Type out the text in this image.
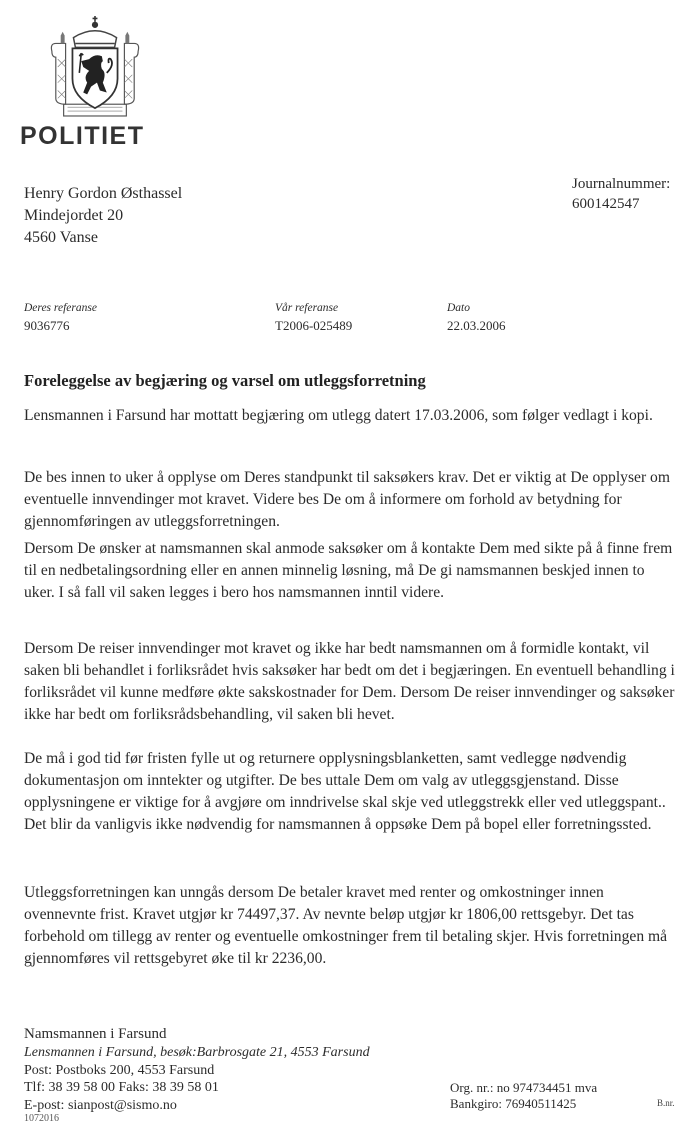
POLITIET
Henry Gordon Østhassel
Mindejordet 20
4560 Vanse
Journalnummer:
600142547
Deres referanse
9036776
Vår referanse
T2006-025489
Dato
22.03.2006
Foreleggelse av begjæring og varsel om utleggsforretning

Lensmannen i Farsund har mottatt begjæring om utlegg datert 17.03.2006, som følger vedlagt i kopi.

De bes innen to uker å opplyse om Deres standpunkt til saksøkers krav. Det er viktig at De opplyser om eventuelle innvendinger mot kravet. Videre bes De om å informere om forhold av betydning for gjennomføringen av utleggsforretningen.

Dersom De ønsker at namsmannen skal anmode saksøker om å kontakte Dem med sikte på å finne frem til en nedbetalingsordning eller en annen minnelig løsning, må De gi namsmannen beskjed innen to uker. I så fall vil saken legges i bero hos namsmannen inntil videre.

Dersom De reiser innvendinger mot kravet og ikke har bedt namsmannen om å formidle kontakt, vil saken bli behandlet i forliksrådet hvis saksøker har bedt om det i begjæringen. En eventuell behandling i forliksrådet vil kunne medføre økte sakskostnader for Dem. Dersom De reiser innvendinger og saksøker ikke har bedt om forliksrådsbehandling, vil saken bli hevet.

De må i god tid før fristen fylle ut og returnere opplysningsblanketten, samt vedlegge nødvendig dokumentasjon om inntekter og utgifter. De bes uttale Dem om valg av utleggsgjenstand. Disse opplysningene er viktige for å avgjøre om inndrivelse skal skje ved utleggstrekk eller ved utleggspant.. Det blir da vanligvis ikke nødvendig for namsmannen å oppsøke Dem på bopel eller forretningssted.

Utleggsforretningen kan unngås dersom De betaler kravet med renter og omkostninger innen ovennevnte frist. Kravet utgjør kr 74497,37. Av nevnte beløp utgjør kr 1806,00 rettsgebyr. Det tas forbehold om tillegg av renter og eventuelle omkostninger frem til betaling skjer. Hvis forretningen må gjennomføres vil rettsgebyret øke til kr 2236,00.

Namsmannen i Farsund
Lensmannen i Farsund, besøk:Barbrosgate 21, 4553 Farsund
Post: Postboks 200, 4553 Farsund
Tlf: 38 39 58 00 Faks: 38 39 58 01
E-post: sianpost@sismo.no
1072016
Org. nr.: no 974734451 mva
Bankgiro: 76940511425	B.nr.
